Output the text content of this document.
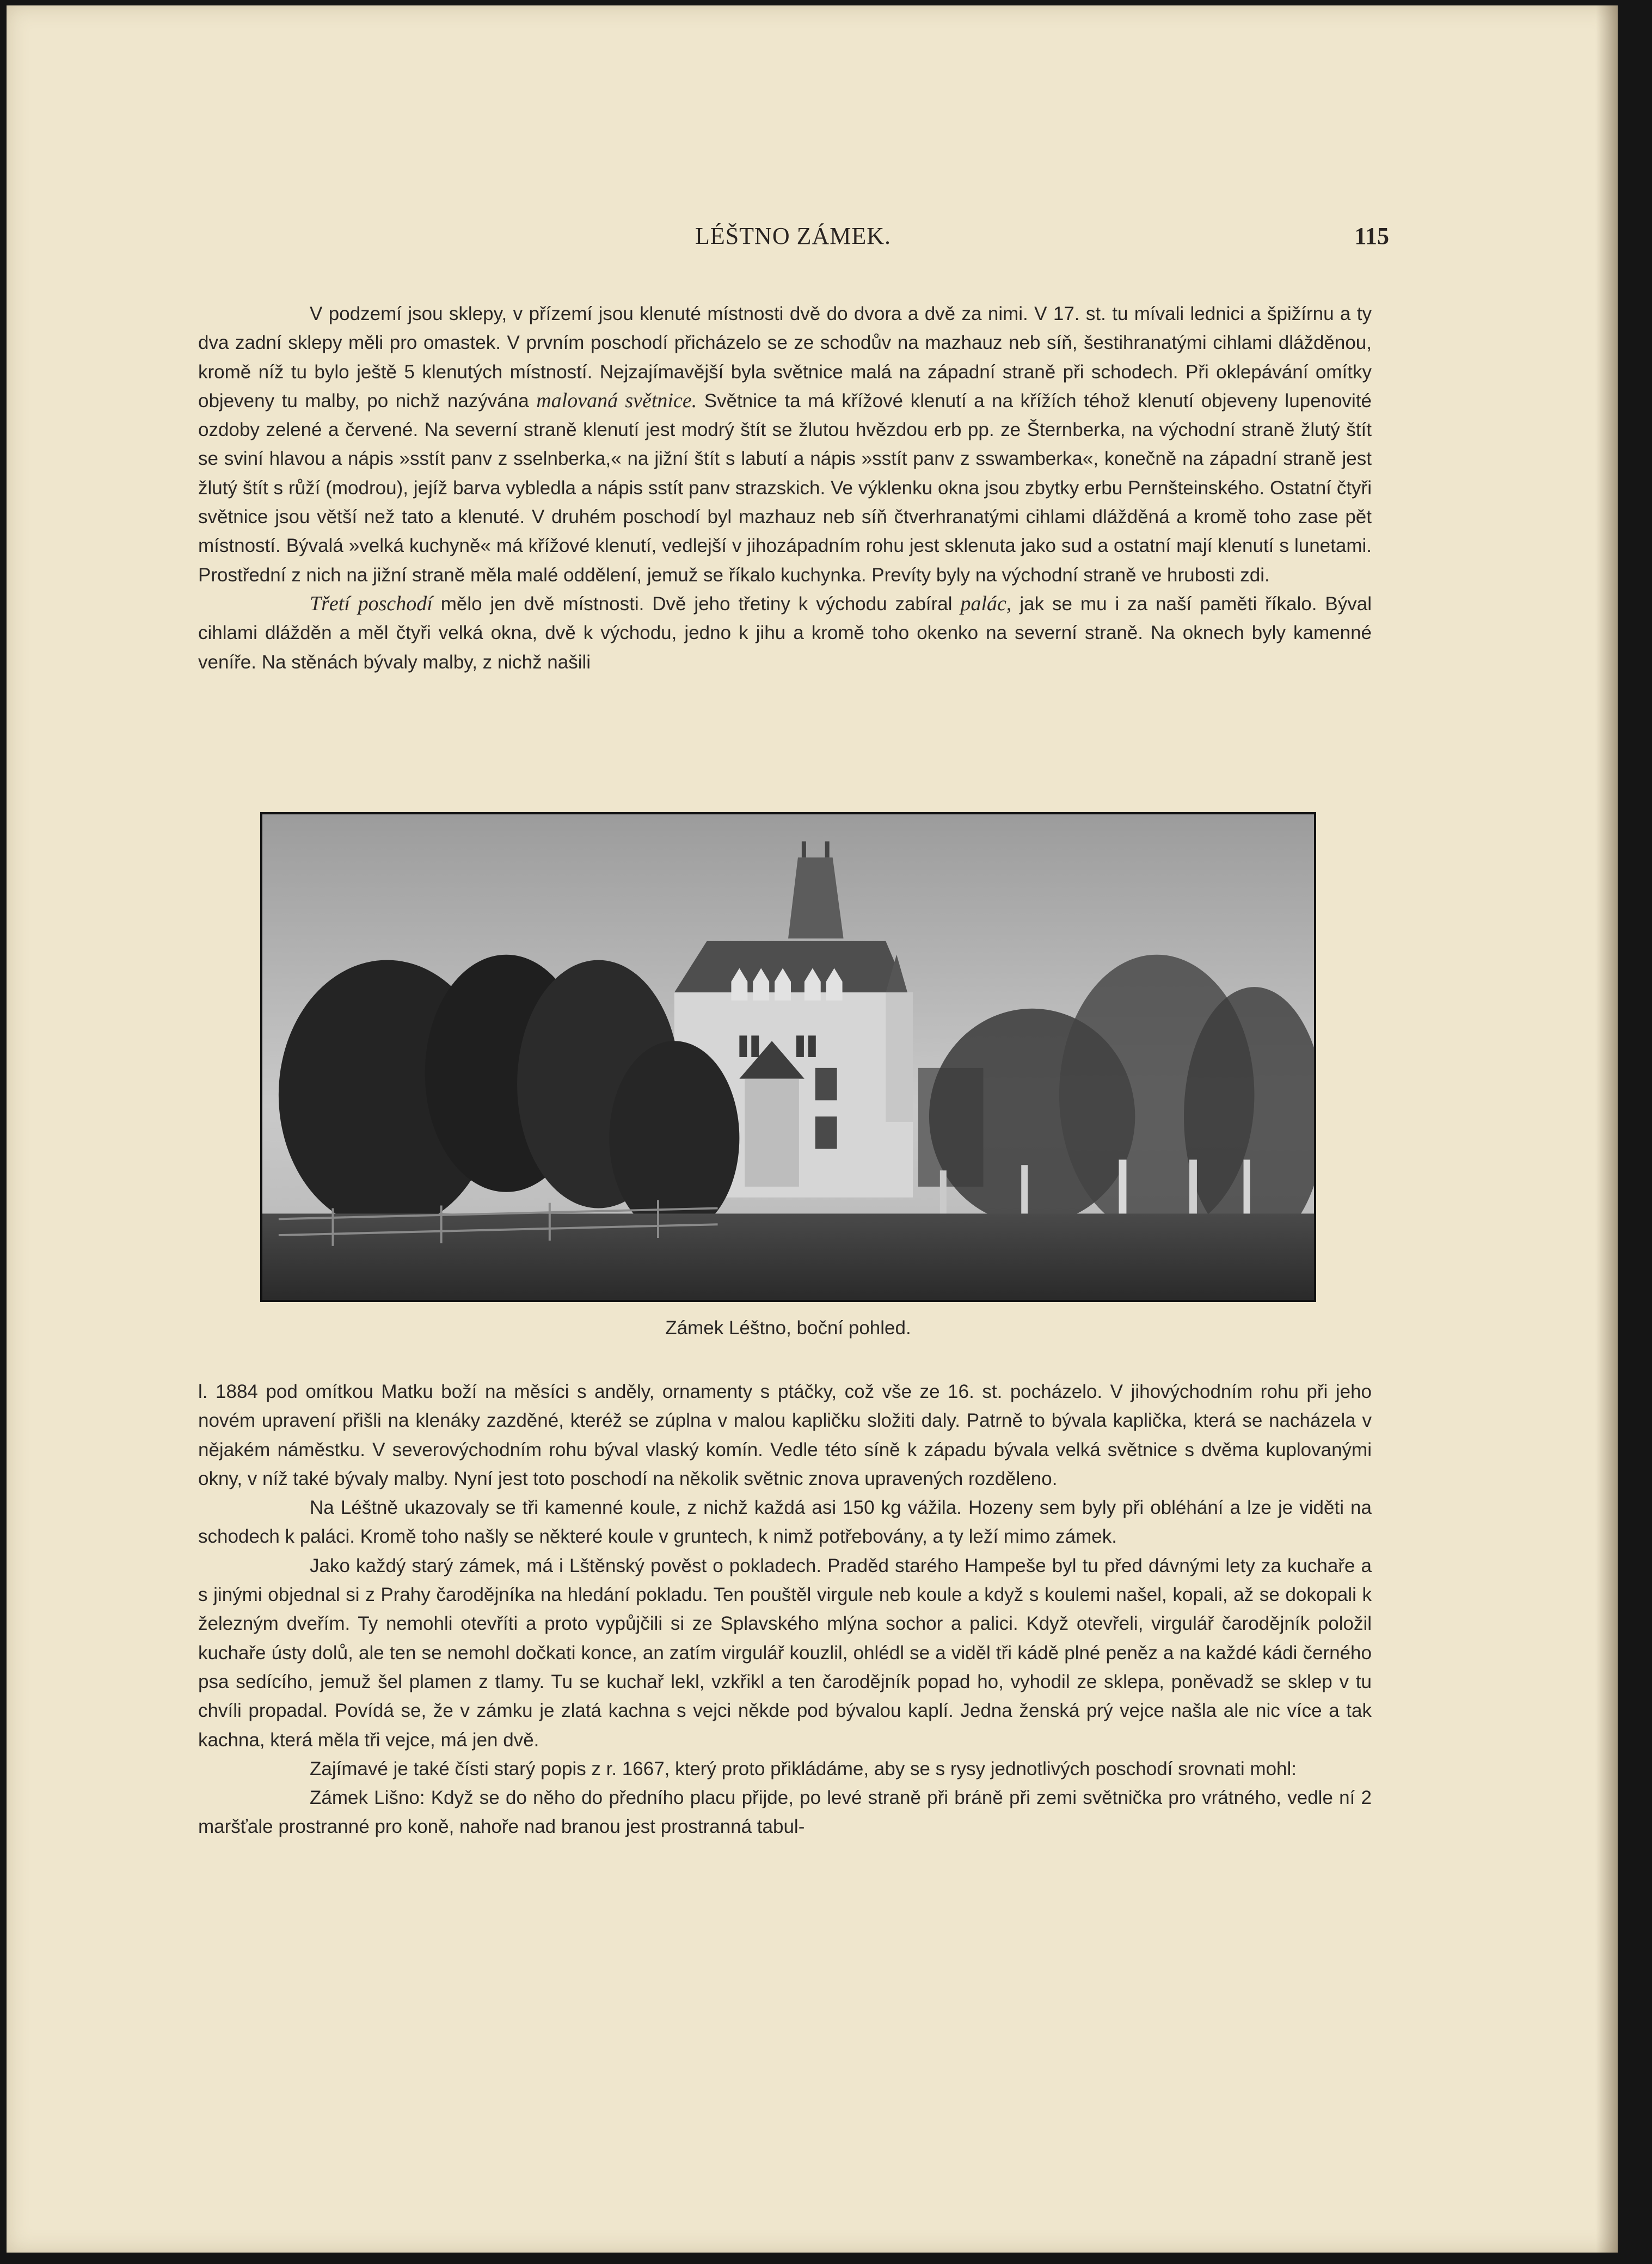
LÉŠTNO ZÁMEK.	115

V podzemí jsou sklepy, v přízemí jsou klenuté místnosti dvě do dvora a dvě za nimi. V 17. st. tu mívali lednici a špižírnu a ty dva zadní sklepy měli pro omastek. V prvním poschodí přicházelo se ze schodův na mazhauz neb síň, šestihranatými cihlami dlážděnou, kromě níž tu bylo ještě 5 klenutých místností. Nejzajímavější byla světnice malá na západní straně při schodech. Při oklepávání omítky objeveny tu malby, po nichž nazývána malovaná světnice. Světnice ta má křížové klenutí a na křížích téhož klenutí objeveny lupenovité ozdoby zelené a červené. Na severní straně klenutí jest modrý štít se žlutou hvězdou erb pp. ze Šternberka, na východní straně žlutý štít se sviní hlavou a nápis »sstít panv z sselnberka,« na jižní štít s labutí a nápis »sstít panv z sswamberka«, konečně na západní straně jest žlutý štít s růží (modrou), jejíž barva vybledla a nápis sstít panv strazskich. Ve výklenku okna jsou zbytky erbu Pernšteinského. Ostatní čtyři světnice jsou větší než tato a klenuté. V druhém poschodí byl mazhauz neb síň čtverhranatými cihlami dlážděná a kromě toho zase pět místností. Bývalá »velká kuchyně« má křížové klenutí, vedlejší v jihozápadním rohu jest sklenuta jako sud a ostatní mají klenutí s lunetami. Prostřední z nich na jižní straně měla malé oddělení, jemuž se říkalo kuchynka. Prevíty byly na východní straně ve hrubosti zdi.

Třetí poschodí mělo jen dvě místnosti. Dvě jeho třetiny k východu zabíral palác, jak se mu i za naší paměti říkalo. Býval cihlami dlážděn a měl čtyři velká okna, dvě k východu, jedno k jihu a kromě toho okenko na severní straně. Na oknech byly kamenné veníře. Na stěnách bývaly malby, z nichž našili

Zámek Léštno, boční pohled.

l. 1884 pod omítkou Matku boží na měsíci s anděly, ornamenty s ptáčky, což vše ze 16. st. pocházelo. V jihovýchodním rohu při jeho novém upravení přišli na klenáky zazděné, kteréž se zúplna v malou kapličku složiti daly. Patrně to bývala kaplička, která se nacházela v nějakém náměstku. V severovýchodním rohu býval vlaský komín. Vedle této síně k západu bývala velká světnice s dvěma kuplovanými okny, v níž také bývaly malby. Nyní jest toto poschodí na několik světnic znova upravených rozděleno.

Na Léštně ukazovaly se tři kamenné koule, z nichž každá asi 150 kg vážila. Hozeny sem byly při obléhání a lze je viděti na schodech k paláci. Kromě toho našly se některé koule v gruntech, k nimž potřebovány, a ty leží mimo zámek.

Jako každý starý zámek, má i Lštěnský pověst o pokladech. Praděd starého Hampeše byl tu před dávnými lety za kuchaře a s jinými objednal si z Prahy čarodějníka na hledání pokladu. Ten pouštěl virgule neb koule a když s koulemi našel, kopali, až se dokopali k železným dveřím. Ty nemohli otevříti a proto vypůjčili si ze Splavského mlýna sochor a palici. Když otevřeli, virgulář čarodějník položil kuchaře ústy dolů, ale ten se nemohl dočkati konce, an zatím virgulář kouzlil, ohlédl se a viděl tři kádě plné peněz a na každé kádi černého psa sedícího, jemuž šel plamen z tlamy. Tu se kuchař lekl, vzkřikl a ten čarodějník popad ho, vyhodil ze sklepa, poněvadž se sklep v tu chvíli propadal. Povídá se, že v zámku je zlatá kachna s vejci někde pod bývalou kaplí. Jedna ženská prý vejce našla ale nic více a tak kachna, která měla tři vejce, má jen dvě.

Zajímavé je také čísti starý popis z r. 1667, který proto přikládáme, aby se s rysy jednotlivých poschodí srovnati mohl:

Zámek Lišno: Když se do něho do předního placu přijde, po levé straně při bráně při zemi světnička pro vrátného, vedle ní 2 maršťale prostranné pro koně, nahoře nad branou jest prostranná tabul-
